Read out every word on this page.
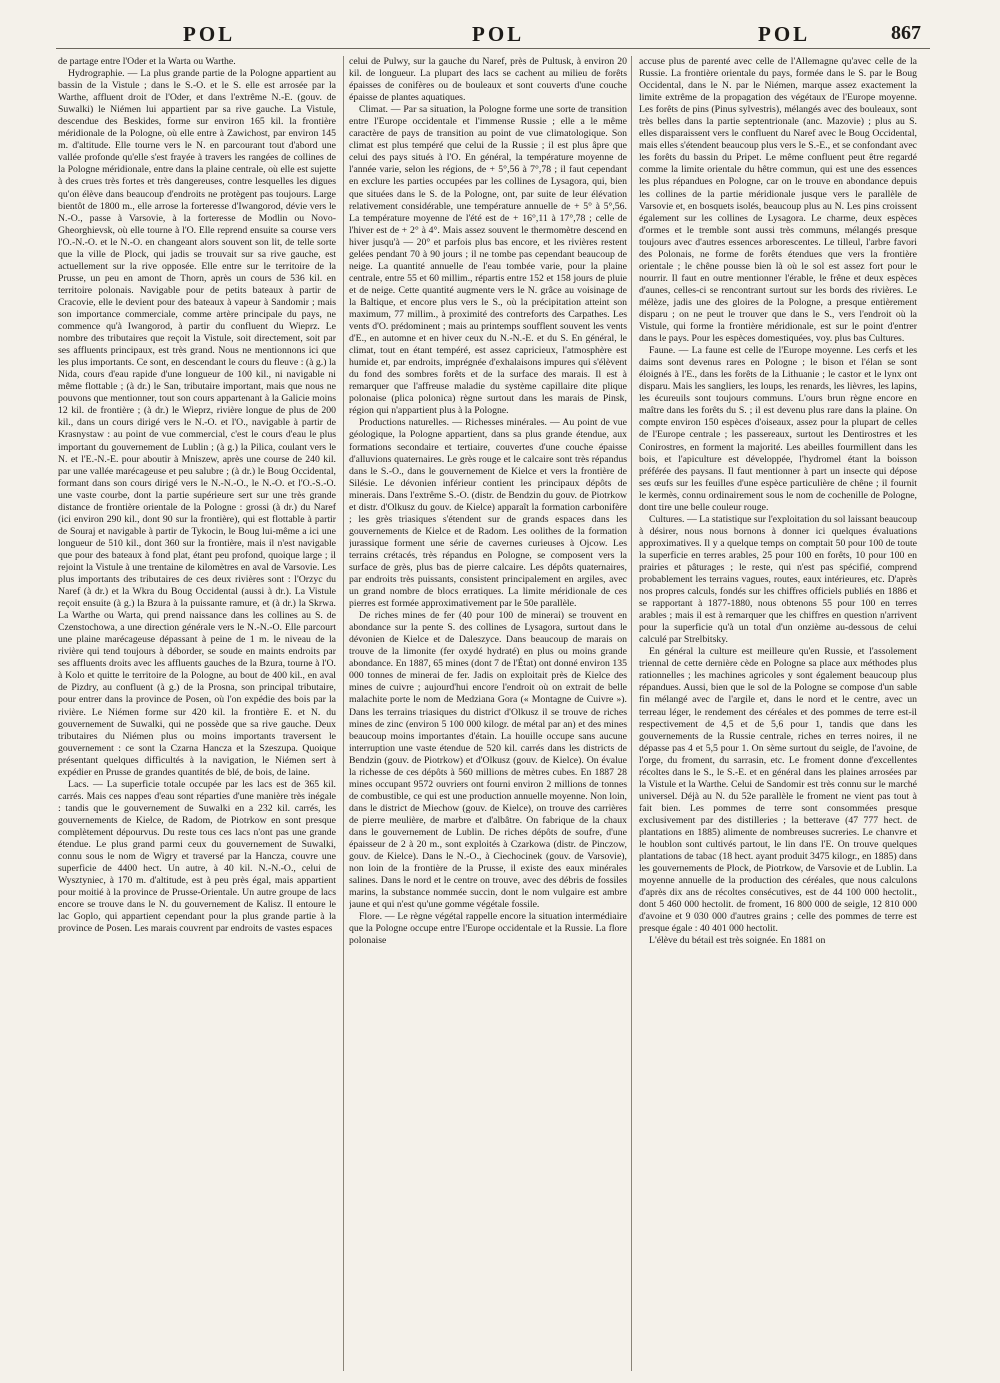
POL	POL	POL	867

de partage entre l'Oder et la Warta ou Warthe.

Hydrographie. — La plus grande partie de la Pologne appartient au bassin de la Vistule ; dans le S.-O. et le S. elle est arrosée par la Warthe, affluent droit de l'Oder, et dans l'extrême N.-E. (gouv. de Suwalki) le Niémen lui appartient par sa rive gauche. La Vistule, descendue des Beskides, forme sur environ 165 kil. la frontière méridionale de la Pologne, où elle entre à Zawichost, par environ 145 m. d'altitude. Elle tourne vers le N. en parcourant tout d'abord une vallée profonde qu'elle s'est frayée à travers les rangées de collines de la Pologne méridionale, entre dans la plaine centrale, où elle est sujette à des crues très fortes et très dangereuses, contre lesquelles les digues qu'on élève dans beaucoup d'endroits ne protègent pas toujours. Large bientôt de 1800 m., elle arrose la forteresse d'Iwangorod, dévie vers le N.-O., passe à Varsovie, à la forteresse de Modlin ou Novo-Gheorghievsk, où elle tourne à l'O. Elle reprend ensuite sa course vers l'O.-N.-O. et le N.-O. en changeant alors souvent son lit, de telle sorte que la ville de Plock, qui jadis se trouvait sur sa rive gauche, est actuellement sur la rive opposée. Elle entre sur le territoire de la Prusse, un peu en amont de Thorn, après un cours de 536 kil. en territoire polonais. Navigable pour de petits bateaux à partir de Cracovie, elle le devient pour des bateaux à vapeur à Sandomir ; mais son importance commerciale, comme artère principale du pays, ne commence qu'à Iwangorod, à partir du confluent du Wieprz. Le nombre des tributaires que reçoit la Vistule, soit directement, soit par ses affluents principaux, est très grand. Nous ne mentionnons ici que les plus importants. Ce sont, en descendant le cours du fleuve : (à g.) la Nida, cours d'eau rapide d'une longueur de 100 kil., ni navigable ni même flottable ; (à dr.) le San, tributaire important, mais que nous ne pouvons que mentionner, tout son cours appartenant à la Galicie moins 12 kil. de frontière ; (à dr.) le Wieprz, rivière longue de plus de 200 kil., dans un cours dirigé vers le N.-O. et l'O., navigable à partir de Krasnystaw : au point de vue commercial, c'est le cours d'eau le plus important du gouvernement de Lublin ; (à g.) la Pilica, coulant vers le N. et l'E.-N.-E. pour aboutir à Mniszew, après une course de 240 kil. par une vallée marécageuse et peu salubre ; (à dr.) le Boug Occidental, formant dans son cours dirigé vers le N.-N.-O., le N.-O. et l'O.-S.-O. une vaste courbe, dont la partie supérieure sert sur une très grande distance de frontière orientale de la Pologne : grossi (à dr.) du Naref (ici environ 290 kil., dont 90 sur la frontière), qui est flottable à partir de Souraj et navigable à partir de Tykocin, le Boug lui-même a ici une longueur de 510 kil., dont 360 sur la frontière, mais il n'est navigable que pour des bateaux à fond plat, étant peu profond, quoique large ; il rejoint la Vistule à une trentaine de kilomètres en aval de Varsovie. Les plus importants des tributaires de ces deux rivières sont : l'Orzyc du Naref (à dr.) et la Wkra du Boug Occidental (aussi à dr.). La Vistule reçoit ensuite (à g.) la Bzura à la puissante ramure, et (à dr.) la Skrwa. La Warthe ou Warta, qui prend naissance dans les collines au S. de Czenstochowa, a une direction générale vers le N.-N.-O. Elle parcourt une plaine marécageuse dépassant à peine de 1 m. le niveau de la rivière qui tend toujours à déborder, se soude en maints endroits par ses affluents droits avec les affluents gauches de la Bzura, tourne à l'O. à Kolo et quitte le territoire de la Pologne, au bout de 400 kil., en aval de Pizdry, au confluent (à g.) de la Prosna, son principal tributaire, pour entrer dans la province de Posen, où l'on expédie des bois par la rivière. Le Niémen forme sur 420 kil. la frontière E. et N. du gouvernement de Suwalki, qui ne possède que sa rive gauche. Deux tributaires du Niémen plus ou moins importants traversent le gouvernement : ce sont la Czarna Hancza et la Szeszupa. Quoique présentant quelques difficultés à la navigation, le Niémen sert à expédier en Prusse de grandes quantités de blé, de bois, de laine.

Lacs. — La superficie totale occupée par les lacs est de 365 kil. carrés. Mais ces nappes d'eau sont réparties d'une manière très inégale : tandis que le gouvernement de Suwalki en a 232 kil. carrés, les gouvernements de Kielce, de Radom, de Piotrkow en sont presque complètement dépourvus. Du reste tous ces lacs n'ont pas une grande étendue. Le plus grand parmi ceux du gouvernement de Suwalki, connu sous le nom de Wigry et traversé par la Hancza, couvre une superficie de 4400 hect. Un autre, à 40 kil. N.-N.-O., celui de Wysztyniec, à 170 m. d'altitude, est à peu près égal, mais appartient pour moitié à la province de Prusse-Orientale. Un autre groupe de lacs encore se trouve dans le N. du gouvernement de Kalisz. Il entoure le lac Goplo, qui appartient cependant pour la plus grande partie à la province de Posen. Les marais couvrent par endroits de vastes espaces

celui de Pulwy, sur la gauche du Naref, près de Pultusk, à environ 20 kil. de longueur. La plupart des lacs se cachent au milieu de forêts épaisses de conifères ou de bouleaux et sont couverts d'une couche épaisse de plantes aquatiques.

Climat. — Par sa situation, la Pologne forme une sorte de transition entre l'Europe occidentale et l'immense Russie ; elle a le même caractère de pays de transition au point de vue climatologique. Son climat est plus tempéré que celui de la Russie ; il est plus âpre que celui des pays situés à l'O. En général, la température moyenne de l'année varie, selon les régions, de + 5°,56 à 7°,78 ; il faut cependant en exclure les parties occupées par les collines de Lysagora, qui, bien que situées dans le S. de la Pologne, ont, par suite de leur élévation relativement considérable, une température annuelle de + 5° à 5°,56. La température moyenne de l'été est de + 16°,11 à 17°,78 ; celle de l'hiver est de + 2° à 4°. Mais assez souvent le thermomètre descend en hiver jusqu'à — 20° et parfois plus bas encore, et les rivières restent gelées pendant 70 à 90 jours ; il ne tombe pas cependant beaucoup de neige. La quantité annuelle de l'eau tombée varie, pour la plaine centrale, entre 55 et 60 millim., répartis entre 152 et 158 jours de pluie et de neige. Cette quantité augmente vers le N. grâce au voisinage de la Baltique, et encore plus vers le S., où la précipitation atteint son maximum, 77 millim., à proximité des contreforts des Carpathes. Les vents d'O. prédominent ; mais au printemps soufflent souvent les vents d'E., en automne et en hiver ceux du N.-N.-E. et du S. En général, le climat, tout en étant tempéré, est assez capricieux, l'atmosphère est humide et, par endroits, imprégnée d'exhalaisons impures qui s'élèvent du fond des sombres forêts et de la surface des marais. Il est à remarquer que l'affreuse maladie du système capillaire dite plique polonaise (plica polonica) règne surtout dans les marais de Pinsk, région qui n'appartient plus à la Pologne.

Productions naturelles. — Richesses minérales. — Au point de vue géologique, la Pologne appartient, dans sa plus grande étendue, aux formations secondaire et tertiaire, couvertes d'une couche épaisse d'alluvions quaternaires. Le grès rouge et le calcaire sont très répandus dans le S.-O., dans le gouvernement de Kielce et vers la frontière de Silésie. Le dévonien inférieur contient les principaux dépôts de minerais. Dans l'extrême S.-O. (distr. de Bendzin du gouv. de Piotrkow et distr. d'Olkusz du gouv. de Kielce) apparaît la formation carbonifère ; les grès triasiques s'étendent sur de grands espaces dans les gouvernements de Kielce et de Radom. Les oolithes de la formation jurassique forment une série de cavernes curieuses à Ojcow. Les terrains crétacés, très répandus en Pologne, se composent vers la surface de grès, plus bas de pierre calcaire. Les dépôts quaternaires, par endroits très puissants, consistent principalement en argiles, avec un grand nombre de blocs erratiques. La limite méridionale de ces pierres est formée approximativement par le 50e parallèle.

De riches mines de fer (40 pour 100 de minerai) se trouvent en abondance sur la pente S. des collines de Lysagora, surtout dans le dévonien de Kielce et de Daleszyce. Dans beaucoup de marais on trouve de la limonite (fer oxydé hydraté) en plus ou moins grande abondance. En 1887, 65 mines (dont 7 de l'État) ont donné environ 135 000 tonnes de minerai de fer. Jadis on exploitait près de Kielce des mines de cuivre ; aujourd'hui encore l'endroit où on extrait de belle malachite porte le nom de Medziana Gora (« Montagne de Cuivre »). Dans les terrains triasiques du district d'Olkusz il se trouve de riches mines de zinc (environ 5 100 000 kilogr. de métal par an) et des mines beaucoup moins importantes d'étain. La houille occupe sans aucune interruption une vaste étendue de 520 kil. carrés dans les districts de Bendzin (gouv. de Piotrkow) et d'Olkusz (gouv. de Kielce). On évalue la richesse de ces dépôts à 560 millions de mètres cubes. En 1887 28 mines occupant 9572 ouvriers ont fourni environ 2 millions de tonnes de combustible, ce qui est une production annuelle moyenne. Non loin, dans le district de Miechow (gouv. de Kielce), on trouve des carrières de pierre meulière, de marbre et d'albâtre. On fabrique de la chaux dans le gouvernement de Lublin. De riches dépôts de soufre, d'une épaisseur de 2 à 20 m., sont exploités à Czarkowa (distr. de Pinczow, gouv. de Kielce). Dans le N.-O., à Ciechocinek (gouv. de Varsovie), non loin de la frontière de la Prusse, il existe des eaux minérales salines. Dans le nord et le centre on trouve, avec des débris de fossiles marins, la substance nommée succin, dont le nom vulgaire est ambre jaune et qui n'est qu'une gomme végétale fossile.

Flore. — Le règne végétal rappelle encore la situation intermédiaire que la Pologne occupe entre l'Europe occidentale et la Russie. La flore polonaise

accuse plus de parenté avec celle de l'Allemagne qu'avec celle de la Russie. La frontière orientale du pays, formée dans le S. par le Boug Occidental, dans le N. par le Niémen, marque assez exactement la limite extrême de la propagation des végétaux de l'Europe moyenne. Les forêts de pins (Pinus sylvestris), mélangés avec des bouleaux, sont très belles dans la partie septentrionale (anc. Mazovie) ; plus au S. elles disparaissent vers le confluent du Naref avec le Boug Occidental, mais elles s'étendent beaucoup plus vers le S.-E., et se confondant avec les forêts du bassin du Pripet. Le même confluent peut être regardé comme la limite orientale du hêtre commun, qui est une des essences les plus répandues en Pologne, car on le trouve en abondance depuis les collines de la partie méridionale jusque vers le parallèle de Varsovie et, en bosquets isolés, beaucoup plus au N. Les pins croissent également sur les collines de Lysagora. Le charme, deux espèces d'ormes et le tremble sont aussi très communs, mélangés presque toujours avec d'autres essences arborescentes. Le tilleul, l'arbre favori des Polonais, ne forme de forêts étendues que vers la frontière orientale ; le chêne pousse bien là où le sol est assez fort pour le nourrir. Il faut en outre mentionner l'érable, le frêne et deux espèces d'aunes, celles-ci se rencontrant surtout sur les bords des rivières. Le mélèze, jadis une des gloires de la Pologne, a presque entièrement disparu ; on ne peut le trouver que dans le S., vers l'endroit où la Vistule, qui forme la frontière méridionale, est sur le point d'entrer dans le pays. Pour les espèces domestiquées, voy. plus bas Cultures.

Faune. — La faune est celle de l'Europe moyenne. Les cerfs et les daims sont devenus rares en Pologne ; le bison et l'élan se sont éloignés à l'E., dans les forêts de la Lithuanie ; le castor et le lynx ont disparu. Mais les sangliers, les loups, les renards, les lièvres, les lapins, les écureuils sont toujours communs. L'ours brun règne encore en maître dans les forêts du S. ; il est devenu plus rare dans la plaine. On compte environ 150 espèces d'oiseaux, assez pour la plupart de celles de l'Europe centrale ; les passereaux, surtout les Dentirostres et les Conirostres, en forment la majorité. Les abeilles fourmillent dans les bois, et l'apiculture est développée, l'hydromel étant la boisson préférée des paysans. Il faut mentionner à part un insecte qui dépose ses œufs sur les feuilles d'une espèce particulière de chêne ; il fournit le kermès, connu ordinairement sous le nom de cochenille de Pologne, dont tire une belle couleur rouge.

Cultures. — La statistique sur l'exploitation du sol laissant beaucoup à désirer, nous nous bornons à donner ici quelques évaluations approximatives. Il y a quelque temps on comptait 50 pour 100 de toute la superficie en terres arables, 25 pour 100 en forêts, 10 pour 100 en prairies et pâturages ; le reste, qui n'est pas spécifié, comprend probablement les terrains vagues, routes, eaux intérieures, etc. D'après nos propres calculs, fondés sur les chiffres officiels publiés en 1886 et se rapportant à 1877-1880, nous obtenons 55 pour 100 en terres arables ; mais il est à remarquer que les chiffres en question n'arrivent pour la superficie qu'à un total d'un onzième au-dessous de celui calculé par Strelbitsky.

En général la culture est meilleure qu'en Russie, et l'assolement triennal de cette dernière cède en Pologne sa place aux méthodes plus rationnelles ; les machines agricoles y sont également beaucoup plus répandues. Aussi, bien que le sol de la Pologne se compose d'un sable fin mélangé avec de l'argile et, dans le nord et le centre, avec un terreau léger, le rendement des céréales et des pommes de terre est-il respectivement de 4,5 et de 5,6 pour 1, tandis que dans les gouvernements de la Russie centrale, riches en terres noires, il ne dépasse pas 4 et 5,5 pour 1. On sème surtout du seigle, de l'avoine, de l'orge, du froment, du sarrasin, etc. Le froment donne d'excellentes récoltes dans le S., le S.-E. et en général dans les plaines arrosées par la Vistule et la Warthe. Celui de Sandomir est très connu sur le marché universel. Déjà au N. du 52e parallèle le froment ne vient pas tout à fait bien. Les pommes de terre sont consommées presque exclusivement par des distilleries ; la betterave (47 777 hect. de plantations en 1885) alimente de nombreuses sucreries. Le chanvre et le houblon sont cultivés partout, le lin dans l'E. On trouve quelques plantations de tabac (18 hect. ayant produit 3475 kilogr., en 1885) dans les gouvernements de Plock, de Piotrkow, de Varsovie et de Lublin. La moyenne annuelle de la production des céréales, que nous calculons d'après dix ans de récoltes consécutives, est de 44 100 000 hectolit., dont 5 460 000 hectolit. de froment, 16 800 000 de seigle, 12 810 000 d'avoine et 9 030 000 d'autres grains ; celle des pommes de terre est presque égale : 40 401 000 hectolit.

L'élève du bétail est très soignée. En 1881 on
